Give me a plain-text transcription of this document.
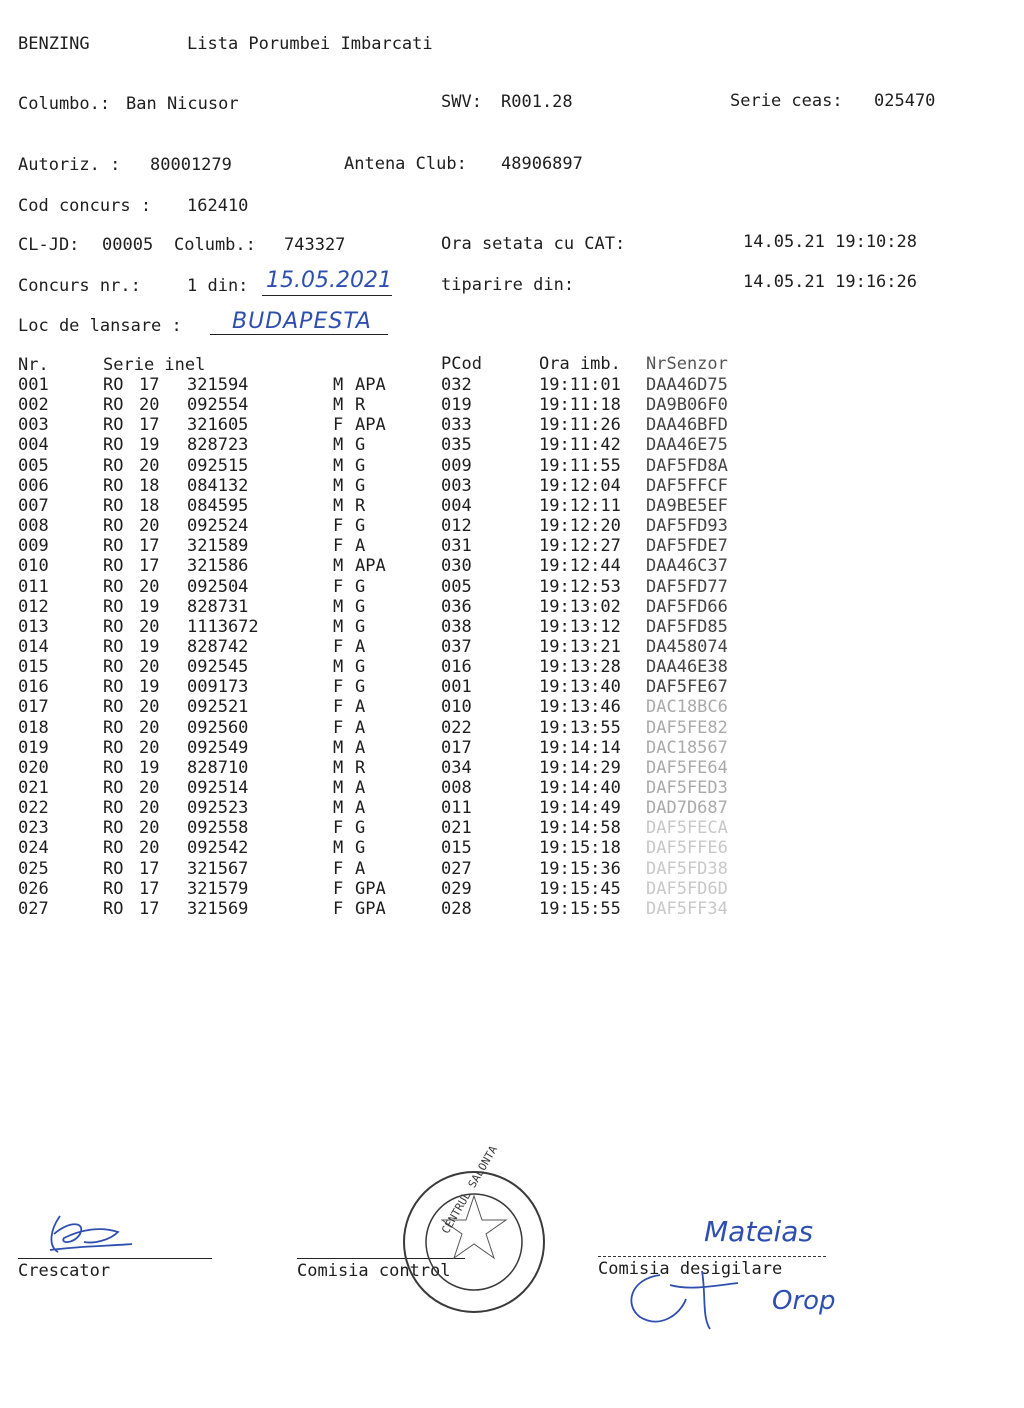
BENZING	Lista Porumbei Imbarcati
Columbo.: Ban Nicusor	SWV: R001.28	Serie ceas: 025470
Autoriz. : 80001279	Antena Club: 48906897
Cod concurs : 162410
CL-JD: 00005 Columb.: 743327	Ora setata cu CAT:	14.05.21 19:10:28
Concurs nr.:	1 din: 15.05.2021	tiparire din:	14.05.21 19:16:26
Loc de lansare : BUDAPESTA
Nr.	Serie inel	PCod	Ora imb. NrSenzor
001	RO 17 321594	M APA	032	19:11:01 DAA46D75
002	RO 20 092554	M R	019	19:11:18 DA9B06F0
003	RO 17 321605	F APA	033	19:11:26 DAA46BFD
004	RO 19 828723	M G	035	19:11:42 DAA46E75
005	RO 20 092515	M G	009	19:11:55 DAF5FD8A
006	RO 18 084132	M G	003	19:12:04 DAF5FFCF
007	RO 18 084595	M R	004	19:12:11 DA9BE5EF
008	RO 20 092524	F G	012	19:12:20 DAF5FD93
009	RO 17 321589	F A	031	19:12:27 DAF5FDE7
010	RO 17 321586	M APA	030	19:12:44 DAA46C37
011	RO 20 092504	F G	005	19:12:53 DAF5FD77
012	RO 19 828731	M G	036	19:13:02 DAF5FD66
013	RO 20 1113672	M G	038	19:13:12 DAF5FD85
014	RO 19 828742	F A	037	19:13:21 DA458074
015	RO 20 092545	M G	016	19:13:28 DAA46E38
016	RO 19 009173	F G	001	19:13:40 DAF5FE67
017	RO 20 092521	F A	010	19:13:46 DAC18BC6
018	RO 20 092560	F A	022	19:13:55 DAF5FE82
019	RO 20 092549	M A	017	19:14:14 DAC18567
020	RO 19 828710	M R	034	19:14:29 DAF5FE64
021	RO 20 092514	M A	008	19:14:40 DAF5FED3
022	RO 20 092523	M A	011	19:14:49 DAD7D687
023	RO 20 092558	F G	021	19:14:58 DAF5FECA
024	RO 20 092542	M G	015	19:15:18 DAF5FFE6
025	RO 17 321567	F A	027	19:15:36 DAF5FD38
026	RO 17 321579	F GPA	029	19:15:45 DAF5FD6D
027	RO 17 321569	F GPA	028	19:15:55 DAF5FF34
Crescator	Comisia control
CENTRUL SALONTA
Comisia desigilare
Mateias
Orop
